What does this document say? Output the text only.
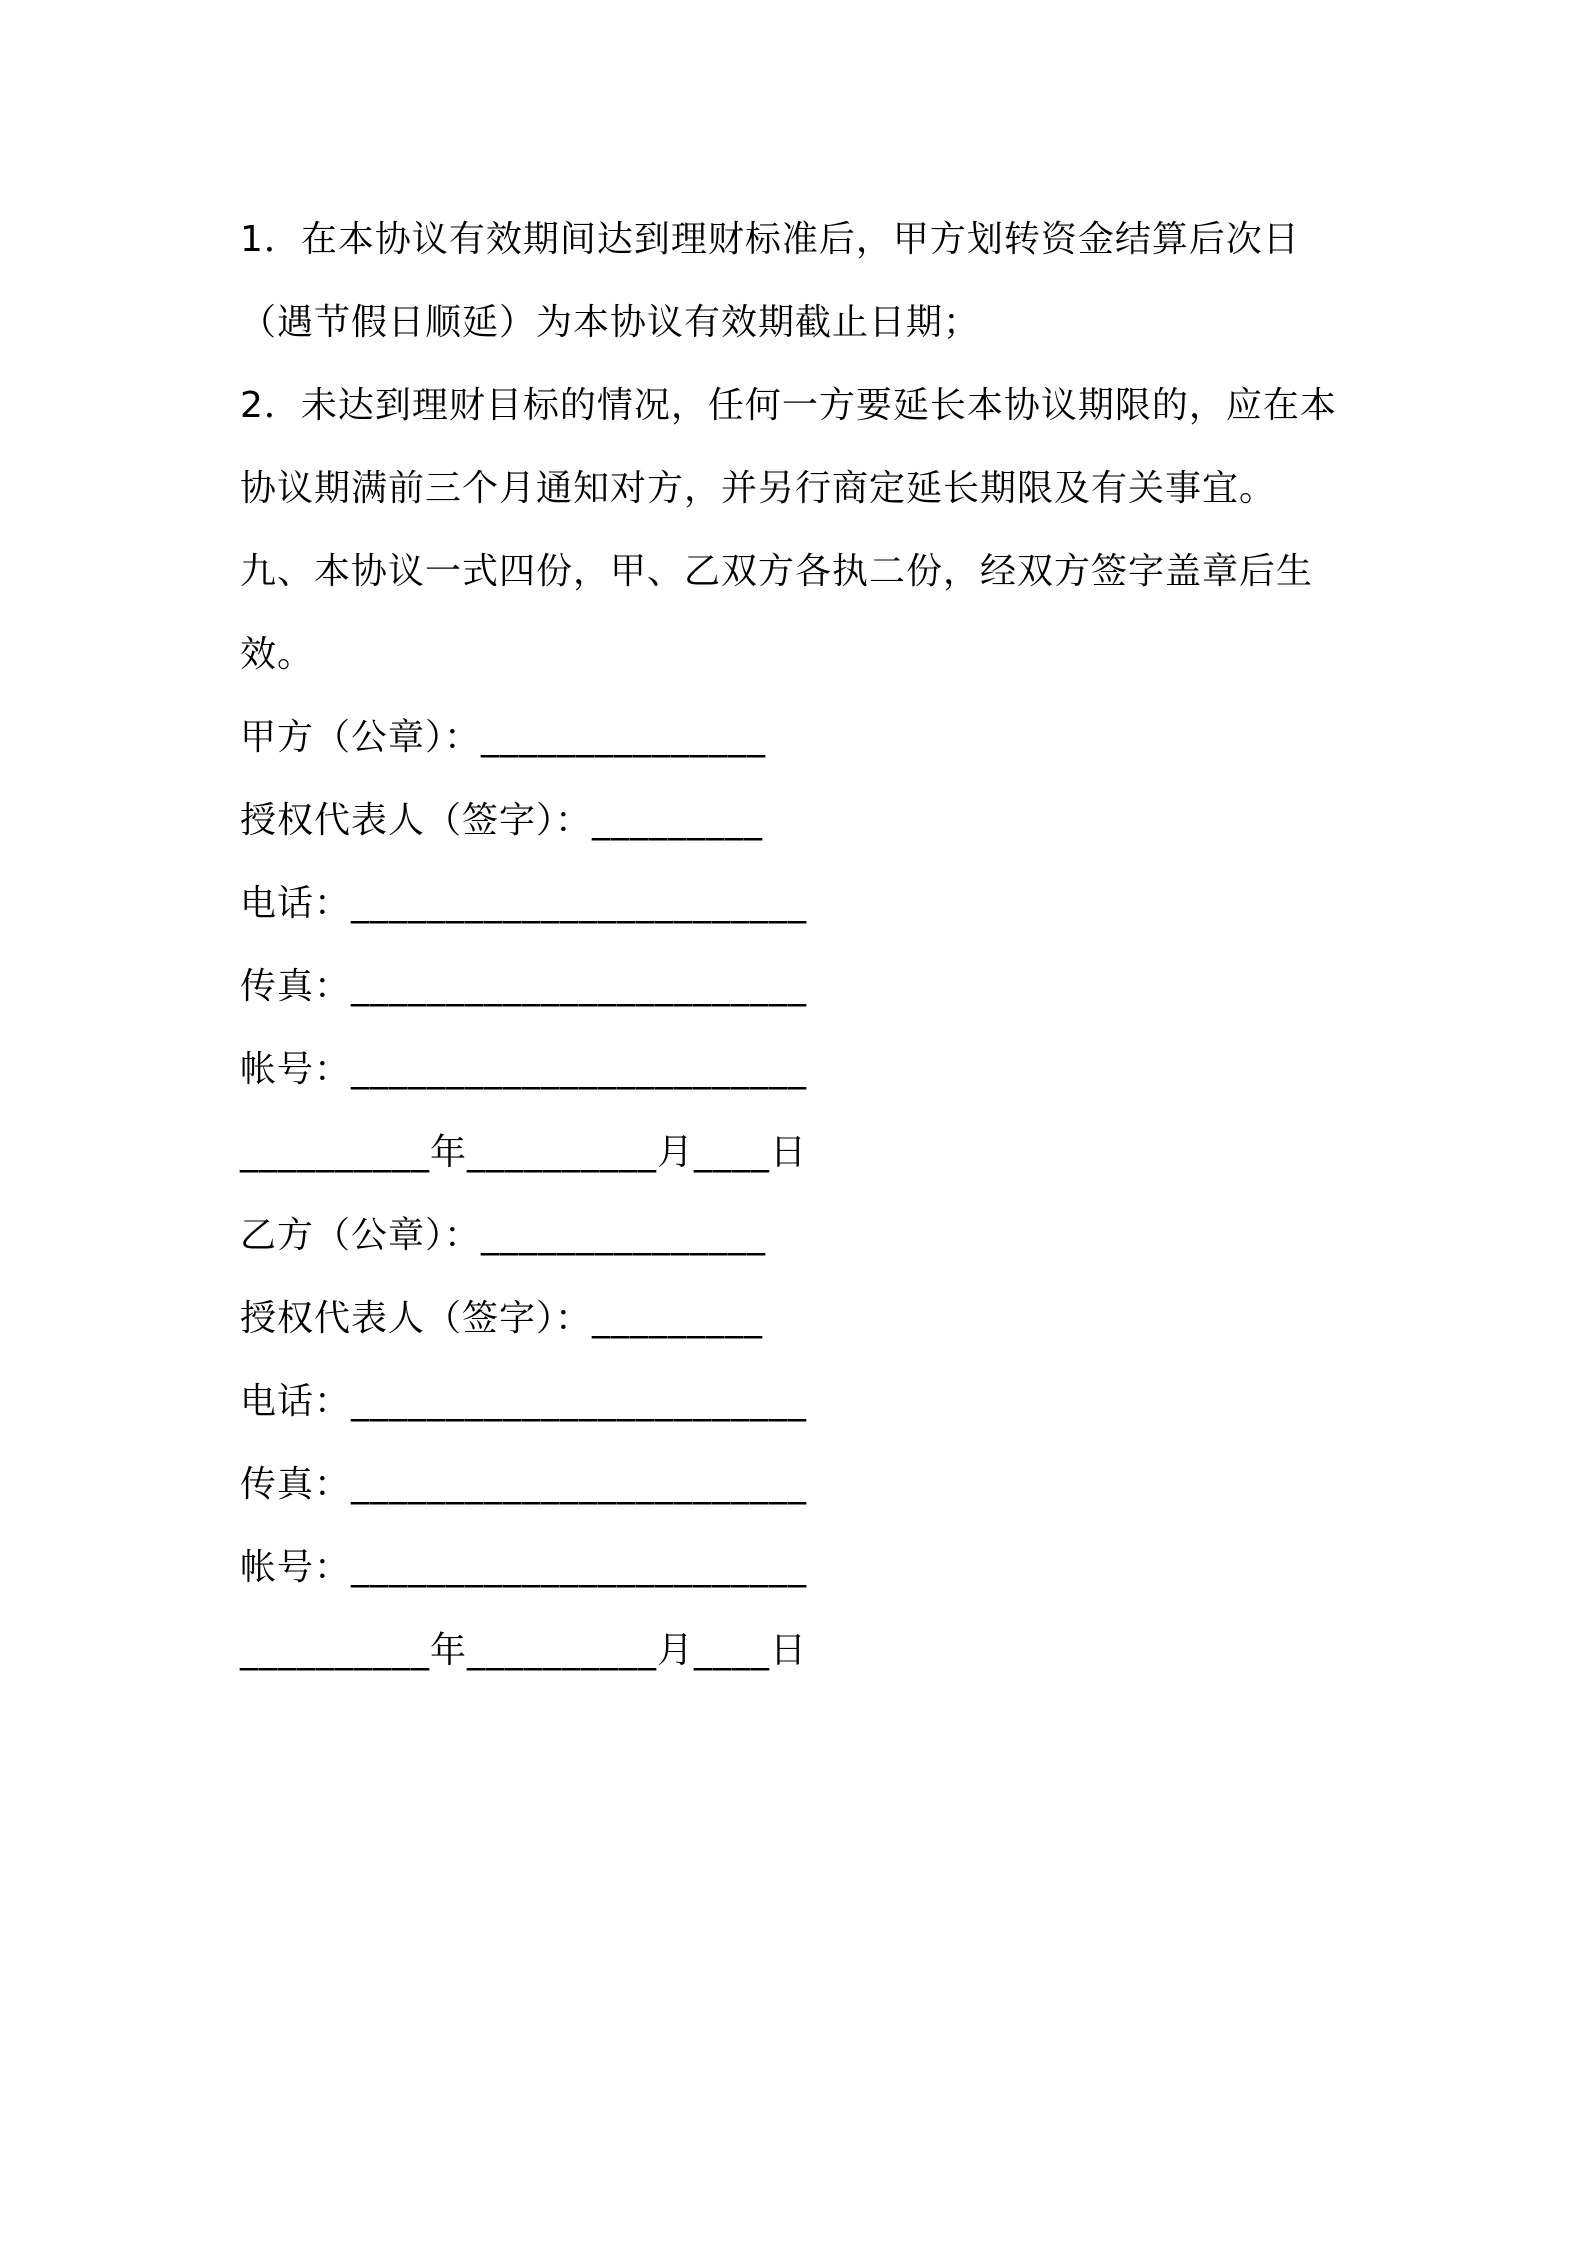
1．在本协议有效期间达到理财标准后，甲方划转资金结算后次日（遇节假日顺延）为本协议有效期截止日期；

2．未达到理财目标的情况，任何一方要延长本协议期限的，应在本协议期满前三个月通知对方，并另行商定延长期限及有关事宜。

九、本协议一式四份，甲、乙双方各执二份，经双方签字盖章后生效。

甲方（公章）：_______________

授权代表人（签字）：_________

电话：________________________

传真：________________________

帐号：________________________

__________年__________月____日

乙方（公章）：_______________

授权代表人（签字）：_________

电话：________________________

传真：________________________

帐号：________________________

__________年__________月____日
